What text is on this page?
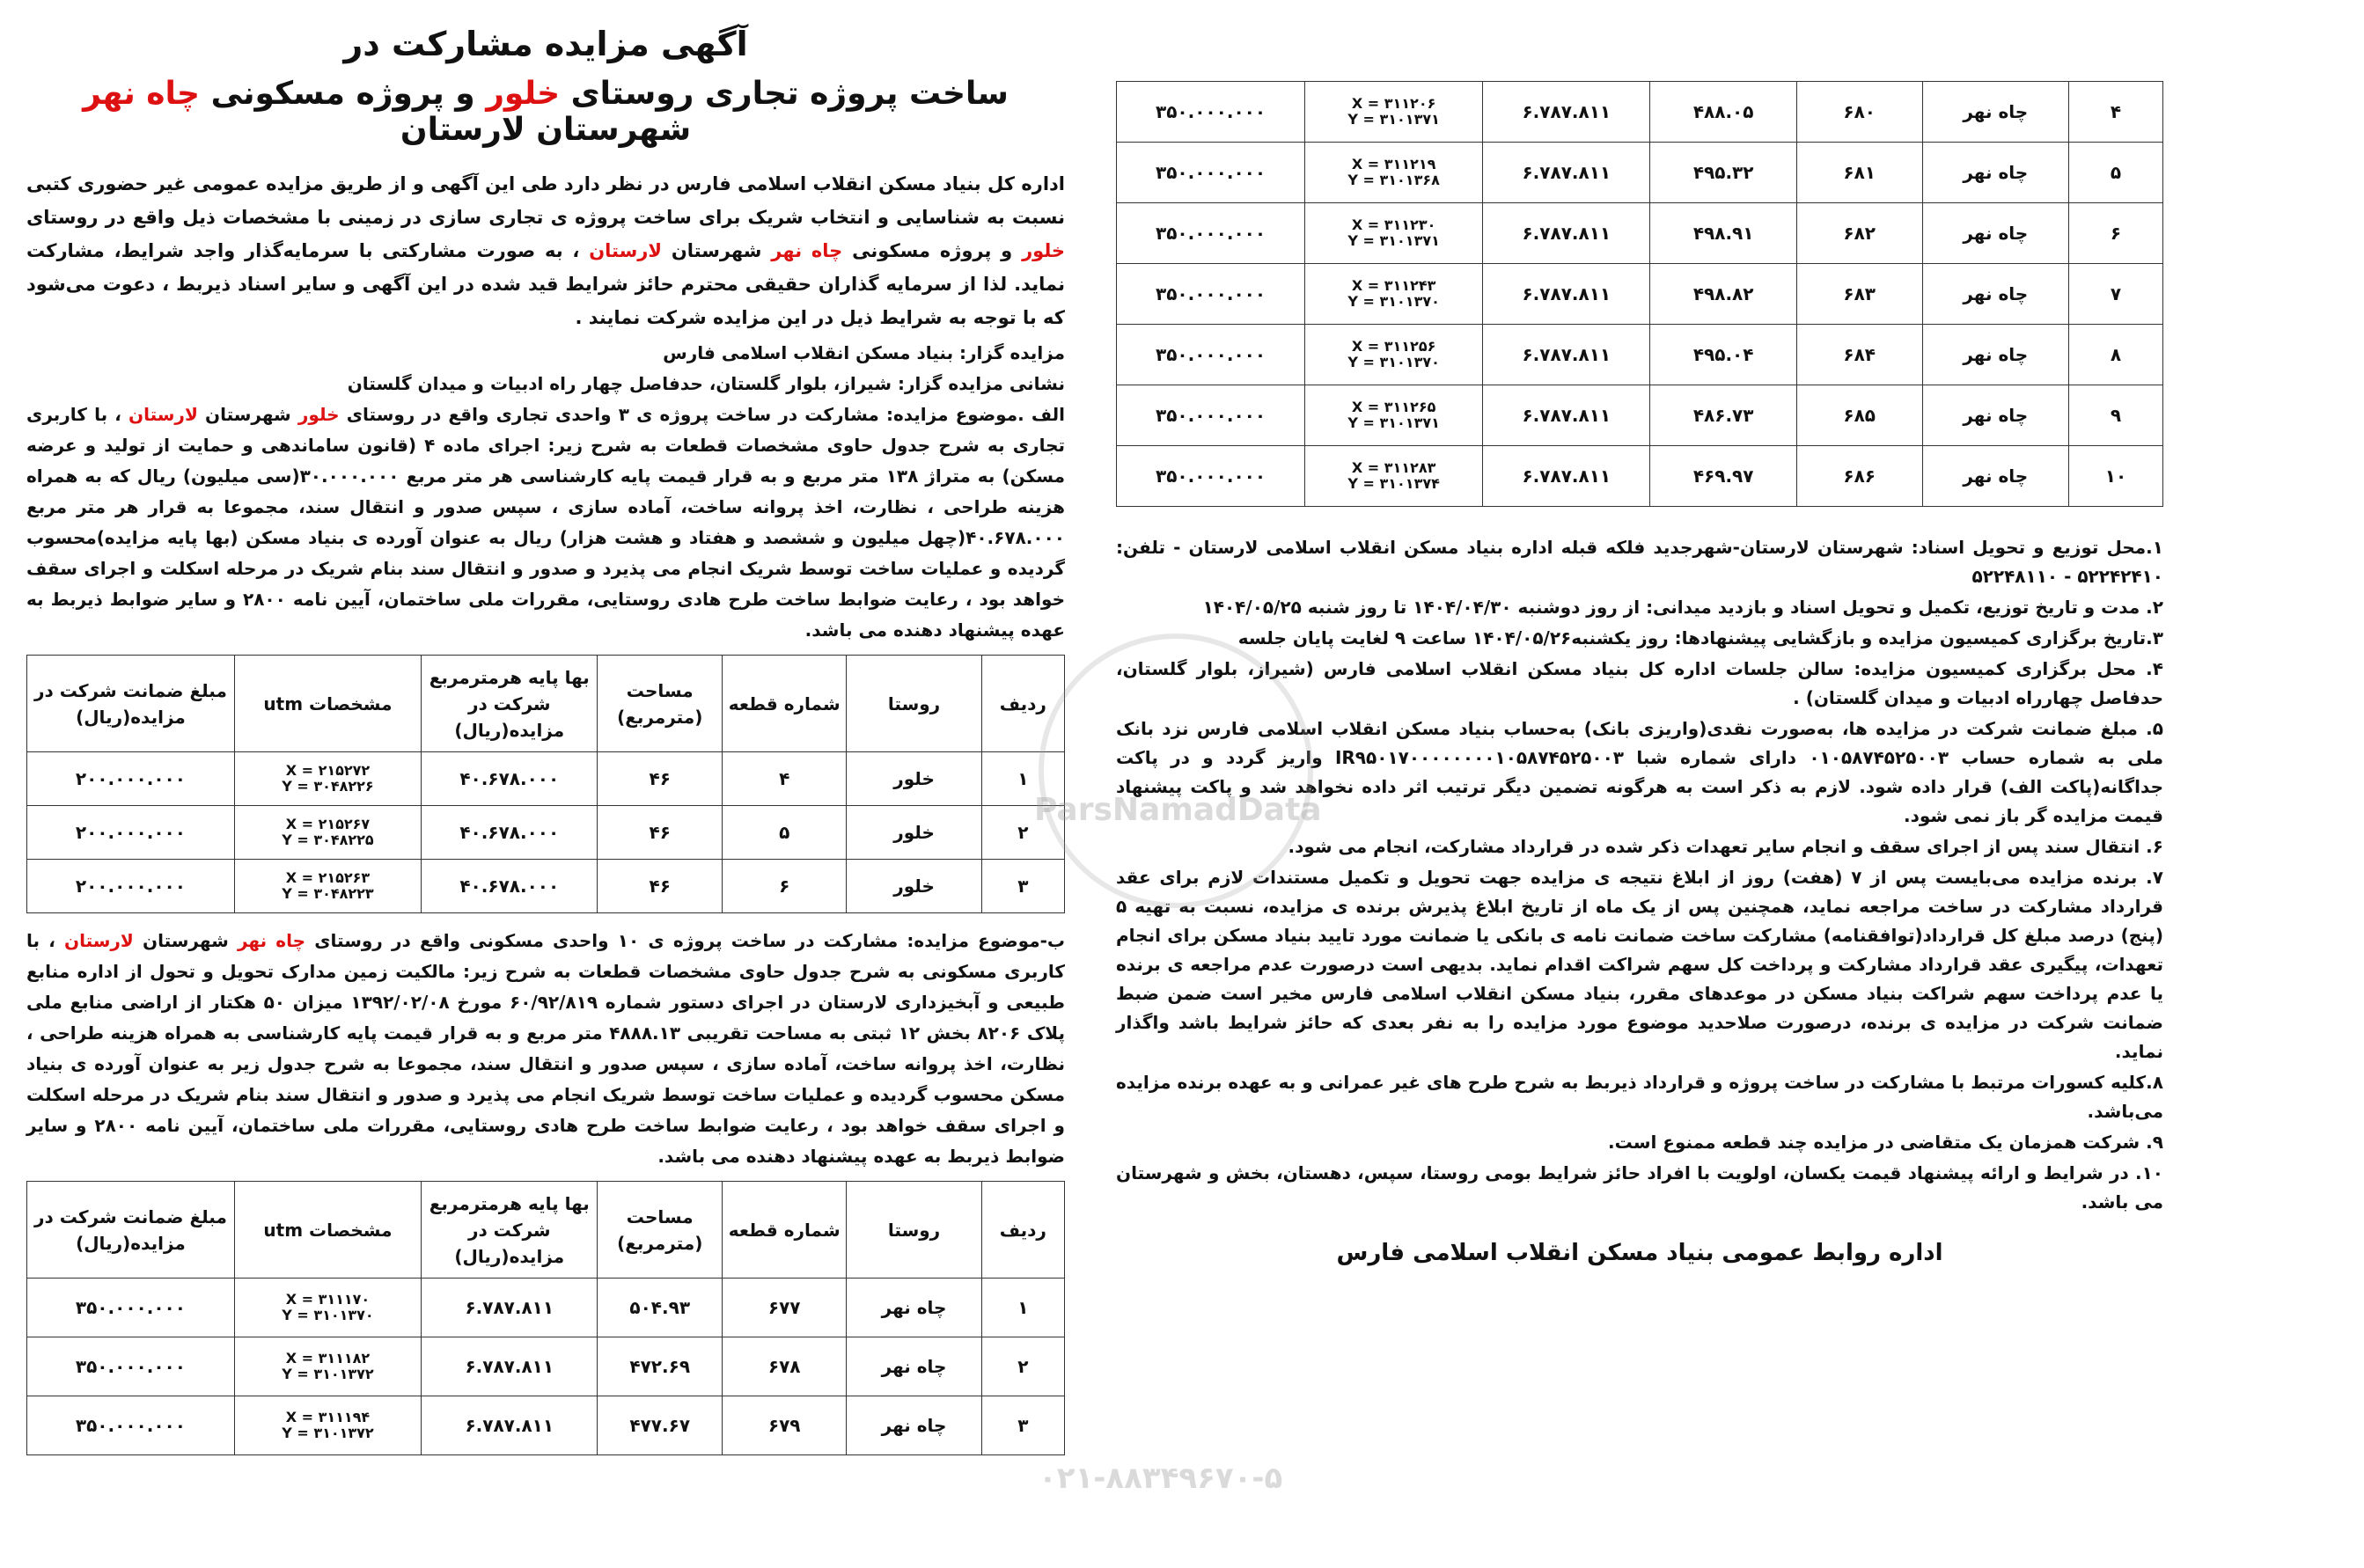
آگهی مزایده مشارکت در
ساخت پروژه تجاری روستای خلور و پروژه مسکونی چاه نهر شهرستان لارستان

اداره کل بنیاد مسکن انقلاب اسلامی فارس در نظر دارد طی این آگهی و از طریق مزایده عمومی غیر حضوری کتبی نسبت به شناسایی و انتخاب شریک برای ساخت پروژه ی تجاری سازی در زمینی با مشخصات ذیل واقع در روستای خلور و پروژه مسکونی چاه نهر شهرستان لارستان ، به صورت مشارکتی با سرمایه‌گذار واجد شرایط، مشارکت نماید. لذا از سرمایه گذاران حقیقی محترم حائز شرایط قید شده در این آگهی و سایر اسناد ذیربط ، دعوت می‌شود که با توجه به شرایط ذیل در این مزایده شرکت نمایند .

مزایده گزار: بنیاد مسکن انقلاب اسلامی فارس

نشانی مزایده گزار: شیراز، بلوار گلستان، حدفاصل چهار راه ادبیات و میدان گلستان

الف .موضوع مزایده: مشارکت در ساخت پروژه ی ۳ واحدی تجاری واقع در روستای خلور شهرستان لارستان ، با کاربری تجاری به شرح جدول حاوی مشخصات قطعات به شرح زیر: اجرای ماده ۴ (قانون ساماندهی و حمایت از تولید و عرضه مسکن) به متراژ ۱۳۸ متر مربع و به قرار قیمت پایه کارشناسی هر متر مربع ۳۰.۰۰۰.۰۰۰(سی میلیون) ریال که به همراه هزینه طراحی ، نظارت، اخذ پروانه ساخت، آماده سازی ، سپس صدور و انتقال سند، مجموعا به قرار هر متر مربع ۴۰.۶۷۸.۰۰۰(چهل میلیون و ششصد و هفتاد و هشت هزار) ریال به عنوان آورده ی بنیاد مسکن (بها پایه مزایده)محسوب گردیده و عملیات ساخت توسط شریک انجام می پذیرد و صدور و انتقال سند بنام شریک در مرحله اسکلت و اجرای سقف خواهد بود ، رعایت ضوابط ساخت طرح هادی روستایی، مقررات ملی ساختمان، آیین نامه ۲۸۰۰ و سایر ضوابط ذیربط به عهده پیشنهاد دهنده می باشد.

ردیف	روستا	شماره قطعه	مساحت (مترمربع)	بها پایه هرمترمربع شرکت در مزایده(ریال)	مشخصات utm	مبلغ ضمانت شرکت در مزایده(ریال)
۱	خلور	۴	۴۶	۴۰.۶۷۸.۰۰۰	X = ۲۱۵۲۷۲
Y = ۳۰۴۸۲۲۶	۲۰۰.۰۰۰.۰۰۰
۲	خلور	۵	۴۶	۴۰.۶۷۸.۰۰۰	X = ۲۱۵۲۶۷
Y = ۳۰۴۸۲۲۵	۲۰۰.۰۰۰.۰۰۰
۳	خلور	۶	۴۶	۴۰.۶۷۸.۰۰۰	X = ۲۱۵۲۶۳
Y = ۳۰۴۸۲۲۳	۲۰۰.۰۰۰.۰۰۰

ب-موضوع مزایده: مشارکت در ساخت پروژه ی ۱۰ واحدی مسکونی واقع در روستای چاه نهر شهرستان لارستان ، با کاربری مسکونی به شرح جدول حاوی مشخصات قطعات به شرح زیر: مالکیت زمین مدارک تحویل و تحول از اداره منابع طبیعی و آبخیزداری لارستان در اجرای دستور شماره ۶۰/۹۲/۸۱۹ مورخ ۱۳۹۲/۰۲/۰۸ میزان ۵۰ هکتار از اراضی منابع ملی پلاک ۸۲۰۶ بخش ۱۲ ثبتی به مساحت تقریبی ۴۸۸۸.۱۳ متر مربع و به قرار قیمت پایه کارشناسی به همراه هزینه طراحی ، نظارت، اخذ پروانه ساخت، آماده سازی ، سپس صدور و انتقال سند، مجموعا به شرح جدول زیر به عنوان آورده ی بنیاد مسکن محسوب گردیده و عملیات ساخت توسط شریک انجام می پذیرد و صدور و انتقال سند بنام شریک در مرحله اسکلت و اجرای سقف خواهد بود ، رعایت ضوابط ساخت طرح هادی روستایی، مقررات ملی ساختمان، آیین نامه ۲۸۰۰ و سایر ضوابط ذیربط به عهده پیشنهاد دهنده می باشد.

ردیف	روستا	شماره قطعه	مساحت (مترمربع)	بها پایه هرمترمربع شرکت در مزایده(ریال)	مشخصات utm	مبلغ ضمانت شرکت در مزایده(ریال)
۱	چاه نهر	۶۷۷	۵۰۴.۹۳	۶.۷۸۷.۸۱۱	X = ۳۱۱۱۷۰
Y = ۳۱۰۱۳۷۰	۳۵۰.۰۰۰.۰۰۰
۲	چاه نهر	۶۷۸	۴۷۲.۶۹	۶.۷۸۷.۸۱۱	X = ۳۱۱۱۸۲
Y = ۳۱۰۱۳۷۲	۳۵۰.۰۰۰.۰۰۰
۳	چاه نهر	۶۷۹	۴۷۷.۶۷	۶.۷۸۷.۸۱۱	X = ۳۱۱۱۹۴
Y = ۳۱۰۱۳۷۲	۳۵۰.۰۰۰.۰۰۰
۴	چاه نهر	۶۸۰	۴۸۸.۰۵	۶.۷۸۷.۸۱۱	X = ۳۱۱۲۰۶
Y = ۳۱۰۱۳۷۱	۳۵۰.۰۰۰.۰۰۰
۵	چاه نهر	۶۸۱	۴۹۵.۳۲	۶.۷۸۷.۸۱۱	X = ۳۱۱۲۱۹
Y = ۳۱۰۱۳۶۸	۳۵۰.۰۰۰.۰۰۰
۶	چاه نهر	۶۸۲	۴۹۸.۹۱	۶.۷۸۷.۸۱۱	X = ۳۱۱۲۳۰
Y = ۳۱۰۱۳۷۱	۳۵۰.۰۰۰.۰۰۰
۷	چاه نهر	۶۸۳	۴۹۸.۸۲	۶.۷۸۷.۸۱۱	X = ۳۱۱۲۴۳
Y = ۳۱۰۱۳۷۰	۳۵۰.۰۰۰.۰۰۰
۸	چاه نهر	۶۸۴	۴۹۵.۰۴	۶.۷۸۷.۸۱۱	X = ۳۱۱۲۵۶
Y = ۳۱۰۱۳۷۰	۳۵۰.۰۰۰.۰۰۰
۹	چاه نهر	۶۸۵	۴۸۶.۷۳	۶.۷۸۷.۸۱۱	X = ۳۱۱۲۶۵
Y = ۳۱۰۱۳۷۱	۳۵۰.۰۰۰.۰۰۰
۱۰	چاه نهر	۶۸۶	۴۶۹.۹۷	۶.۷۸۷.۸۱۱	X = ۳۱۱۲۸۳
Y = ۳۱۰۱۳۷۴	۳۵۰.۰۰۰.۰۰۰

۱.محل توزیع و تحویل اسناد: شهرستان لارستان-شهرجدید فلکه قبله اداره بنیاد مسکن انقلاب اسلامی لارستان - تلفن: ۵۲۲۴۲۴۱۰ - ۵۲۲۴۸۱۱۰

۲. مدت و تاریخ توزیع، تکمیل و تحویل اسناد و بازدید میدانی: از روز دوشنبه ۱۴۰۴/۰۴/۳۰ تا روز شنبه ۱۴۰۴/۰۵/۲۵

۳.تاریخ برگزاری کمیسیون مزایده و بازگشایی پیشنهادها: روز یکشنبه۱۴۰۴/۰۵/۲۶ ساعت ۹ لغایت پایان جلسه

۴. محل برگزاری کمیسیون مزایده: سالن جلسات اداره کل بنیاد مسکن انقلاب اسلامی فارس (شیراز، بلوار گلستان، حدفاصل چهارراه ادبیات و میدان گلستان) .

۵. مبلغ ضمانت شرکت در مزایده ها، به‌صورت نقدی(واریزی بانک) به‌حساب بنیاد مسکن انقلاب اسلامی فارس نزد بانک ملی به شماره حساب ۰۱۰۵۸۷۴۵۲۵۰۰۳ دارای شماره شبا IR۹۵۰۱۷۰۰۰۰۰۰۰۰۱۰۵۸۷۴۵۲۵۰۰۳ واریز گردد و در پاکت جداگانه(پاکت الف) قرار داده شود. لازم به ذکر است به هرگونه تضمین دیگر ترتیب اثر داده نخواهد شد و پاکت پیشنهاد قیمت مزایده گر باز نمی شود.

۶. انتقال سند پس از اجرای سقف و انجام سایر تعهدات ذکر شده در قرارداد مشارکت، انجام می شود.

۷. برنده مزایده می‌بایست پس از ۷ (هفت) روز از ابلاغ نتیجه ی مزایده جهت تحویل و تکمیل مستندات لازم برای عقد قرارداد مشارکت در ساخت مراجعه نماید، همچنین پس از یک ماه از تاریخ ابلاغ پذیرش برنده ی مزایده، نسبت به تهیه ۵ (پنج) درصد مبلغ کل قرارداد(توافقنامه) مشارکت ساخت ضمانت نامه ی بانکی یا ضمانت مورد تایید بنیاد مسکن برای انجام تعهدات، پیگیری عقد قرارداد مشارکت و پرداخت کل سهم شراکت اقدام نماید. بدیهی است درصورت عدم مراجعه ی برنده یا عدم پرداخت سهم شراکت بنیاد مسکن در موعدهای مقرر، بنیاد مسکن انقلاب اسلامی فارس مخیر است ضمن ضبط ضمانت شرکت در مزایده ی برنده، درصورت صلاحدید موضوع مورد مزایده را به نفر بعدی که حائز شرایط باشد واگذار نماید.

۸.کلیه کسورات مرتبط با مشارکت در ساخت پروژه و قرارداد ذیربط به شرح طرح های غیر عمرانی و به عهده برنده مزایده می‌باشد.

۹. شرکت همزمان یک متقاضی در مزایده چند قطعه ممنوع است.

۱۰. در شرایط و ارائه پیشنهاد قیمت یکسان، اولویت با افراد حائز شرایط بومی روستا، سپس، دهستان، بخش و شهرستان می باشد.

اداره روابط عمومی بنیاد مسکن انقلاب اسلامی فارس
ParsNamadData
۰۲۱-۸۸۳۴۹۶۷۰-۵
